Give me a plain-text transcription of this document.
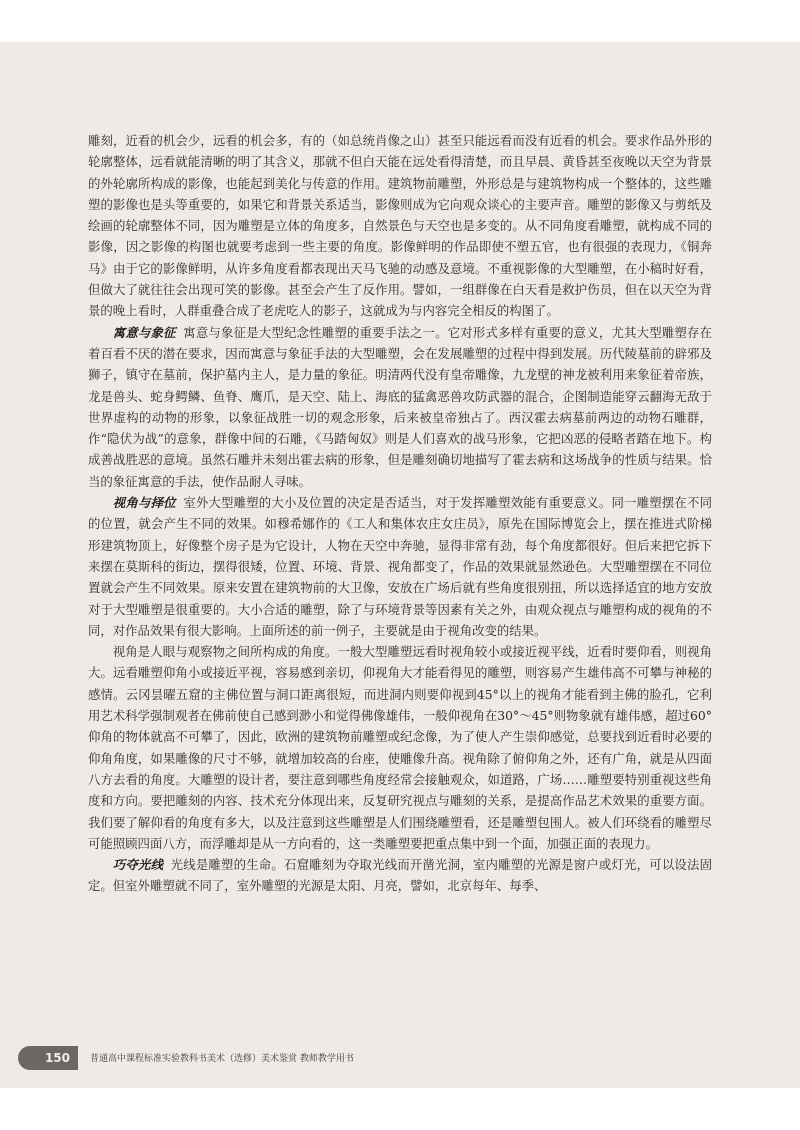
雕刻，近看的机会少，远看的机会多，有的（如总统肖像之山）甚至只能远看而没有近看的机会。要求作品外形的轮廓整体，远看就能清晰的明了其含义，那就不但白天能在远处看得清楚，而且早晨、黄昏甚至夜晚以天空为背景的外轮廓所构成的影像，也能起到美化与传意的作用。建筑物前雕塑，外形总是与建筑物构成一个整体的，这些雕塑的影像也是头等重要的，如果它和背景关系适当，影像则成为它向观众谈心的主要声音。雕塑的影像又与剪纸及绘画的轮廓整体不同，因为雕塑是立体的角度多，自然景色与天空也是多变的。从不同角度看雕塑，就构成不同的影像，因之影像的构图也就要考虑到一些主要的角度。影像鲜明的作品即使不塑五官，也有很强的表现力，《铜奔马》由于它的影像鲜明，从许多角度看都表现出天马飞驰的动感及意境。不重视影像的大型雕塑，在小稿时好看，但做大了就往往会出现可笑的影像。甚至会产生了反作用。譬如，一组群像在白天看是救护伤员，但在以天空为背景的晚上看时，人群重叠合成了老虎吃人的影子，这就成为与内容完全相反的构图了。

寓意与象征 寓意与象征是大型纪念性雕塑的重要手法之一。它对形式多样有重要的意义，尤其大型雕塑存在着百看不厌的潜在要求，因而寓意与象征手法的大型雕塑，会在发展雕塑的过程中得到发展。历代陵墓前的辟邪及狮子，镇守在墓前，保护墓内主人，是力量的象征。明清两代没有皇帝雕像，九龙壁的神龙被利用来象征着帝族，龙是兽头、蛇身鳄鳞、鱼脊、鹰爪，是天空、陆上、海底的猛禽恶兽攻防武器的混合，企图制造能穿云翻海无敌于世界虚构的动物的形象，以象征战胜一切的观念形象，后来被皇帝独占了。西汉霍去病墓前两边的动物石雕群，作“隐伏为战”的意象，群像中间的石雕，《马踏匈奴》则是人们喜欢的战马形象，它把凶恶的侵略者踏在地下。构成善战胜恶的意境。虽然石雕并未刻出霍去病的形象，但是雕刻确切地描写了霍去病和这场战争的性质与结果。恰当的象征寓意的手法，使作品耐人寻味。

视角与择位 室外大型雕塑的大小及位置的决定是否适当，对于发挥雕塑效能有重要意义。同一雕塑摆在不同的位置，就会产生不同的效果。如穆希娜作的《工人和集体农庄女庄员》，原先在国际博览会上，摆在推进式阶梯形建筑物顶上，好像整个房子是为它设计，人物在天空中奔驰，显得非常有劲，每个角度都很好。但后来把它拆下来摆在莫斯科的街边，摆得很矮，位置、环境、背景、视角都变了，作品的效果就显然逊色。大型雕塑摆在不同位置就会产生不同效果。原来安置在建筑物前的大卫像，安放在广场后就有些角度很别扭，所以选择适宜的地方安放对于大型雕塑是很重要的。大小合适的雕塑，除了与环境背景等因素有关之外，由观众视点与雕塑构成的视角的不同，对作品效果有很大影响。上面所述的前一例子，主要就是由于视角改变的结果。

视角是人眼与观察物之间所构成的角度。一般大型雕塑远看时视角较小或接近视平线，近看时要仰看，则视角大。远看雕塑仰角小或接近平视，容易感到亲切，仰视角大才能看得见的雕塑，则容易产生雄伟高不可攀与神秘的感情。云冈昙曜五窟的主佛位置与洞口距离很短，而进洞内则要仰视到45°以上的视角才能看到主佛的脸孔，它利用艺术科学强制观者在佛前使自己感到渺小和觉得佛像雄伟，一般仰视角在30°～45°则物象就有雄伟感，超过60°仰角的物体就高不可攀了，因此，欧洲的建筑物前雕塑或纪念像，为了使人产生崇仰感觉，总要找到近看时必要的仰角角度，如果雕像的尺寸不够，就增加较高的台座，使雕像升高。视角除了俯仰角之外，还有广角，就是从四面八方去看的角度。大雕塑的设计者，要注意到哪些角度经常会接触观众，如道路，广场……雕塑要特别重视这些角度和方向。要把雕刻的内容、技术充分体现出来，反复研究视点与雕刻的关系，是提高作品艺术效果的重要方面。我们要了解仰看的角度有多大，以及注意到这些雕塑是人们围绕雕塑看，还是雕塑包围人。被人们环绕看的雕塑尽可能照顾四面八方，而浮雕却是从一方向看的，这一类雕塑要把重点集中到一个面，加强正面的表现力。

巧夺光线 光线是雕塑的生命。石窟雕刻为夺取光线而开凿光洞，室内雕塑的光源是窗户或灯光，可以设法固定。但室外雕塑就不同了，室外雕塑的光源是太阳、月亮，譬如，北京每年、每季、

150	普通高中课程标准实验教科书美术（选修）美术鉴赏 教师教学用书
